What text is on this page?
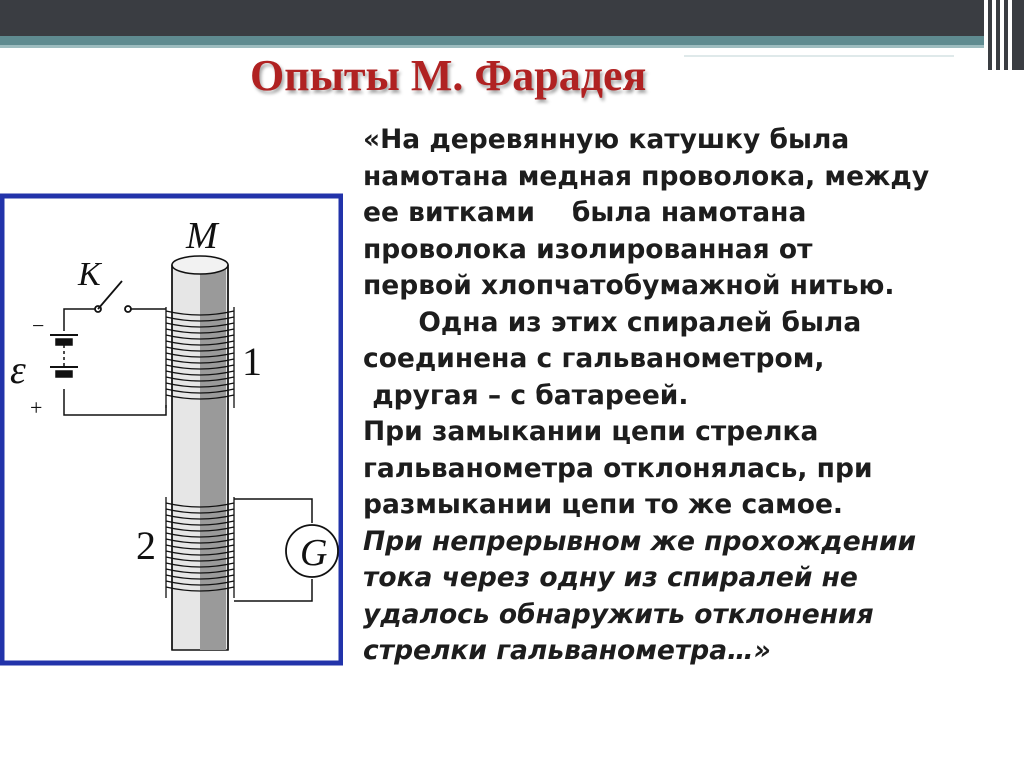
Опыты М. Фарадея
M
K
ε
−
+
1
2	G
«На деревянную катушку была
намотана медная проволока, между
ее витками    была намотана
проволока изолированная от
первой хлопчатобумажной нитью.
Одна из этих спиралей была
соединена с гальванометром,
другая – с батареей.
При замыкании цепи стрелка
гальванометра отклонялась, при
размыкании цепи то же самое.
При непрерывном же прохождении
тока через одну из спиралей не
удалось обнаружить отклонения
стрелки гальванометра…»
